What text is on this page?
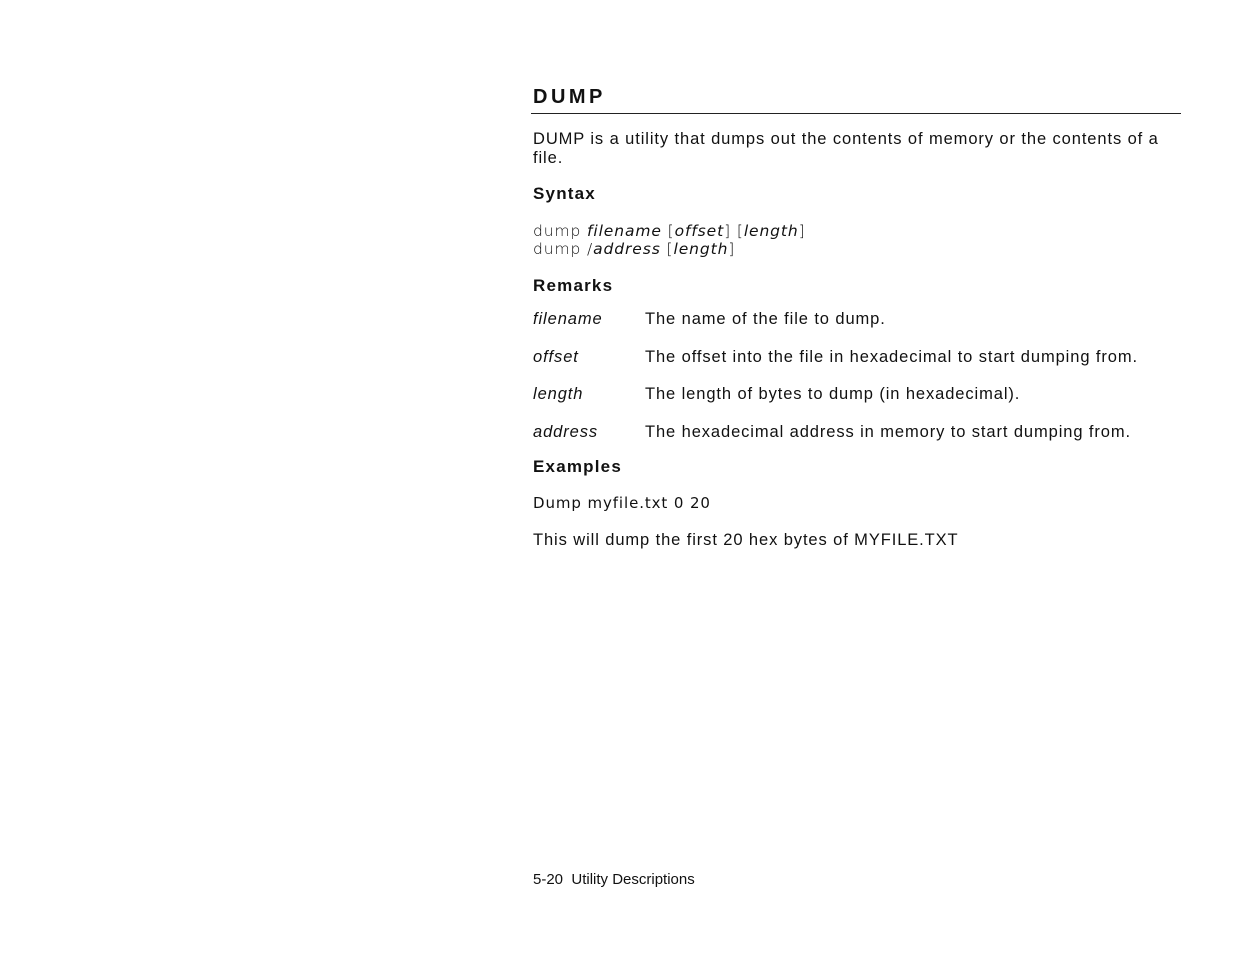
DUMP

DUMP is a utility that dumps out the contents of memory or the contents of a file.

Syntax
dump filename [offset] [length]
dump /address [length]
Remarks
filename	The name of the file to dump.
offset	The offset into the file in hexadecimal to start dumping from.
length	The length of bytes to dump (in hexadecimal).
address	The hexadecimal address in memory to start dumping from.
Examples
Dump myfile.txt 0 20
This will dump the first 20 hex bytes of MYFILE.TXT
5-20 Utility Descriptions
